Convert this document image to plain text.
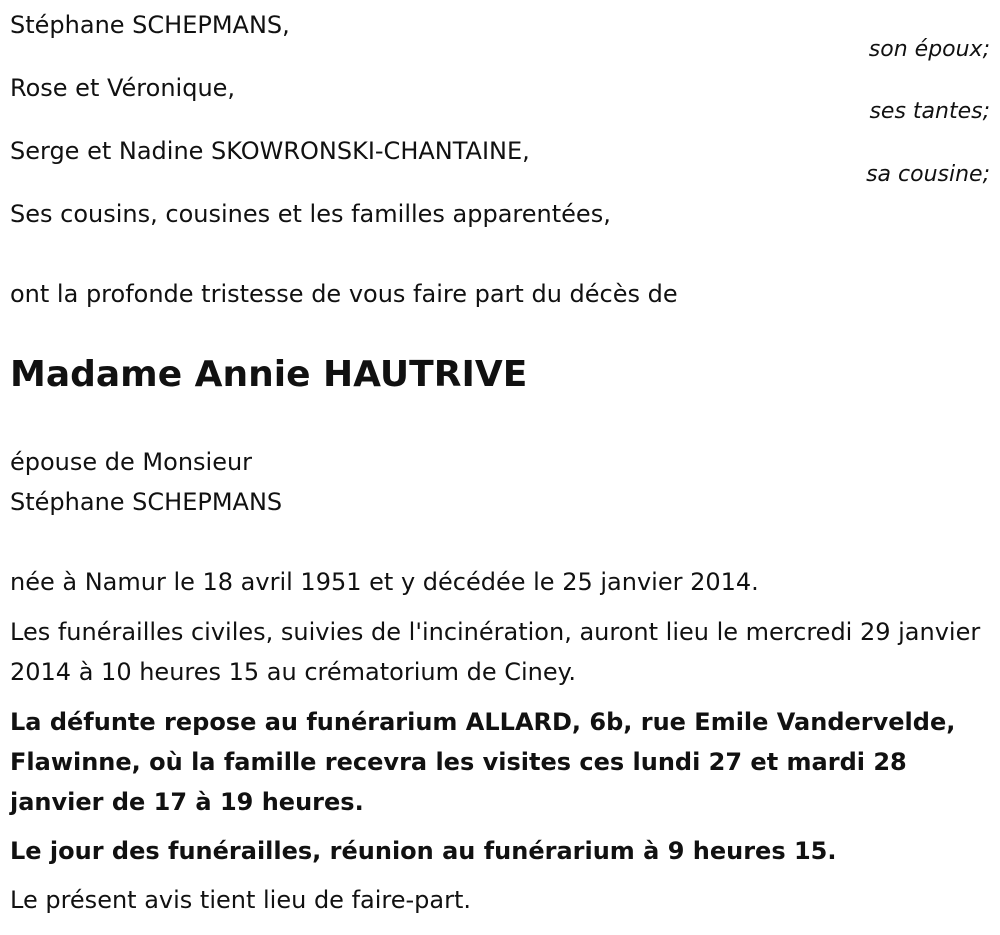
Stéphane SCHEPMANS,

son époux;

Rose et Véronique,

ses tantes;

Serge et Nadine SKOWRONSKI-CHANTAINE,

sa cousine;

Ses cousins, cousines et les familles apparentées,

ont la profonde tristesse de vous faire part du décès de

Madame Annie HAUTRIVE

épouse de Monsieur

Stéphane SCHEPMANS

née à Namur le 18 avril 1951 et y décédée le 25 janvier 2014.

Les funérailles civiles, suivies de l'incinération, auront lieu le mercredi 29 janvier 2014 à 10 heures 15 au crématorium de Ciney.

La défunte repose au funérarium ALLARD, 6b, rue Emile Vandervelde, Flawinne, où la famille recevra les visites ces lundi 27 et mardi 28 janvier de 17 à 19 heures.

Le jour des funérailles, réunion au funérarium à 9 heures 15.

Le présent avis tient lieu de faire-part.
